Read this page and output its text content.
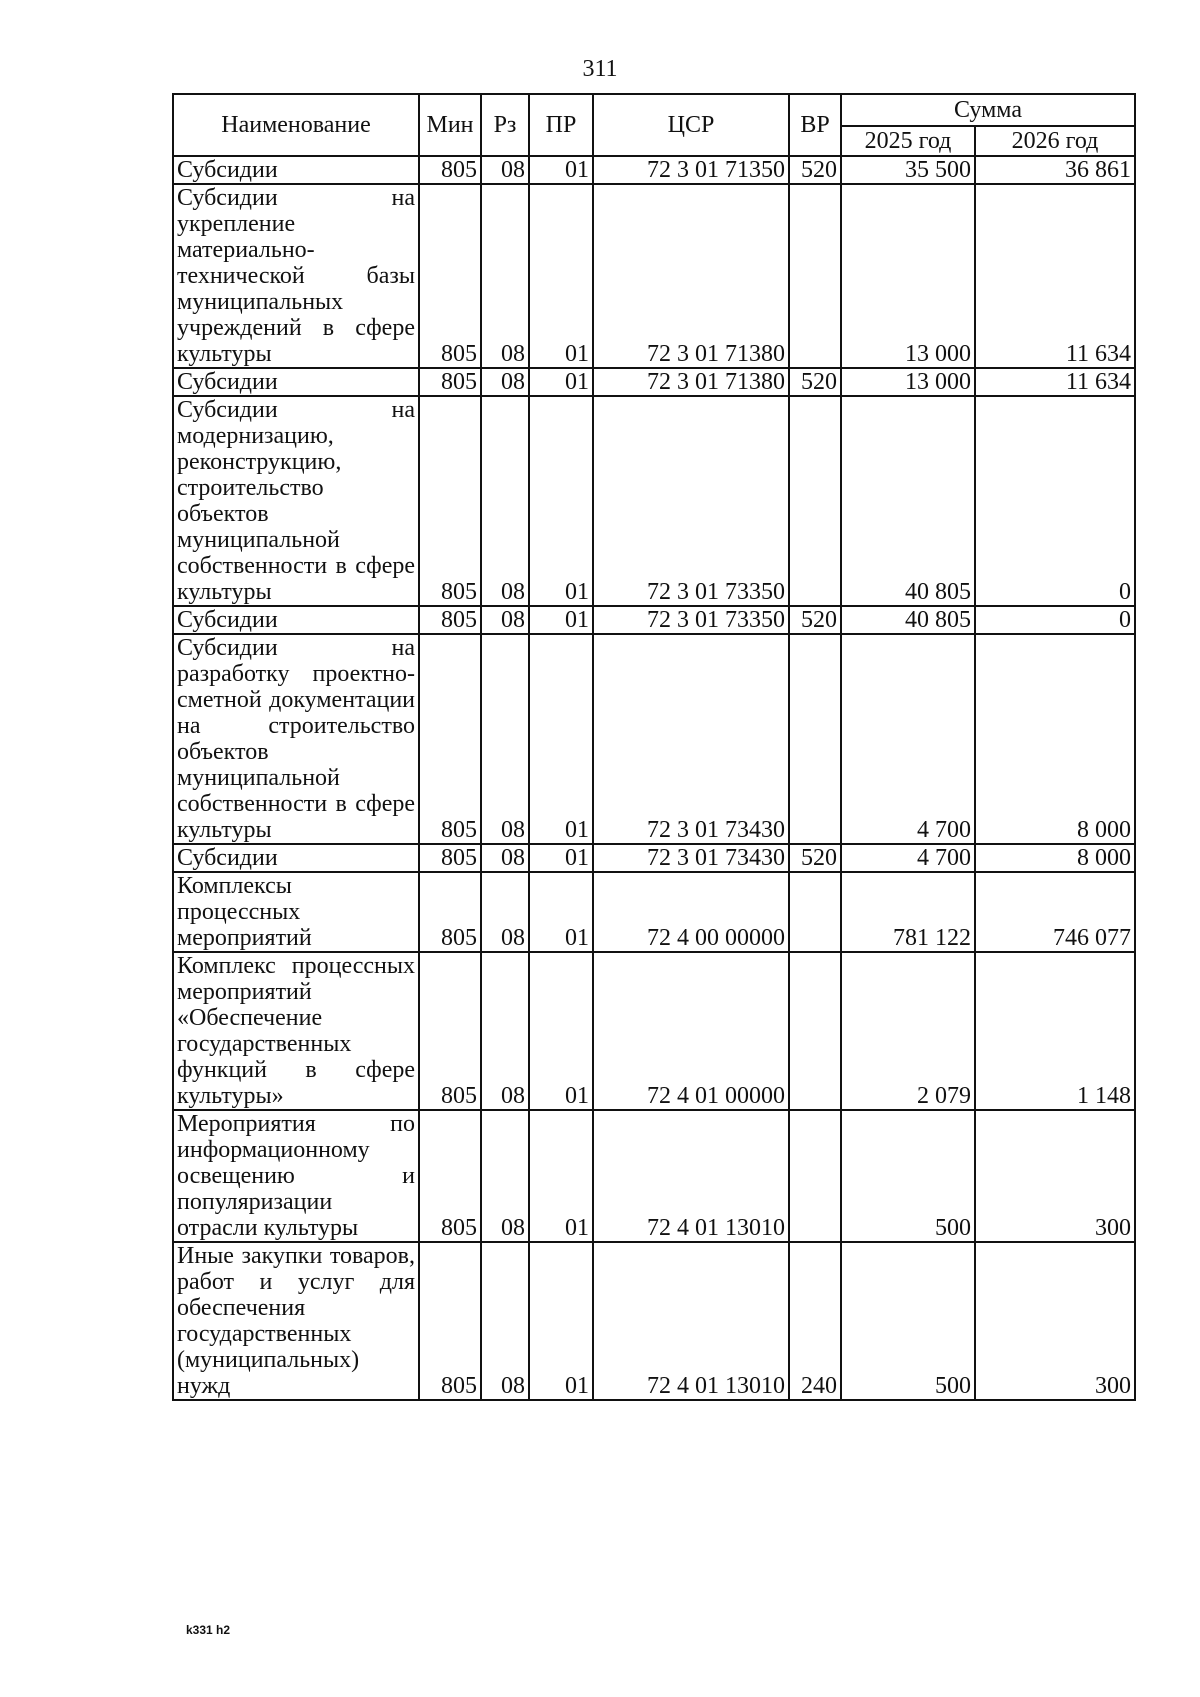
311
Наименование	Мин	Рз	ПР	ЦСР	ВР	Сумма	
						2025 год	2026 год
Субсидии	805	08	01	72 3 01 71350	520	35 500	36 861
Субсидии на укрепление материально-технической базы муниципальных учреждений в сфере культуры	805	08	01	72 3 01 71380		13 000	11 634
Субсидии	805	08	01	72 3 01 71380	520	13 000	11 634
Субсидии на модернизацию, реконструкцию, строительство объектов муниципальной собственности в сфере культуры	805	08	01	72 3 01 73350		40 805	0
Субсидии	805	08	01	72 3 01 73350	520	40 805	0
Субсидии на разработку проектно-сметной документации на строительство объектов муниципальной собственности в сфере культуры	805	08	01	72 3 01 73430		4 700	8 000
Субсидии	805	08	01	72 3 01 73430	520	4 700	8 000
Комплексы процессных мероприятий	805	08	01	72 4 00 00000		781 122	746 077
Комплекс процессных мероприятий «Обеспечение государственных функций в сфере культуры»	805	08	01	72 4 01 00000		2 079	1 148
Мероприятия по информационному освещению и популяризации отрасли культуры	805	08	01	72 4 01 13010		500	300
Иные закупки товаров, работ и услуг для обеспечения государственных (муниципальных) нужд	805	08	01	72 4 01 13010	240	500	300
k331 h2
